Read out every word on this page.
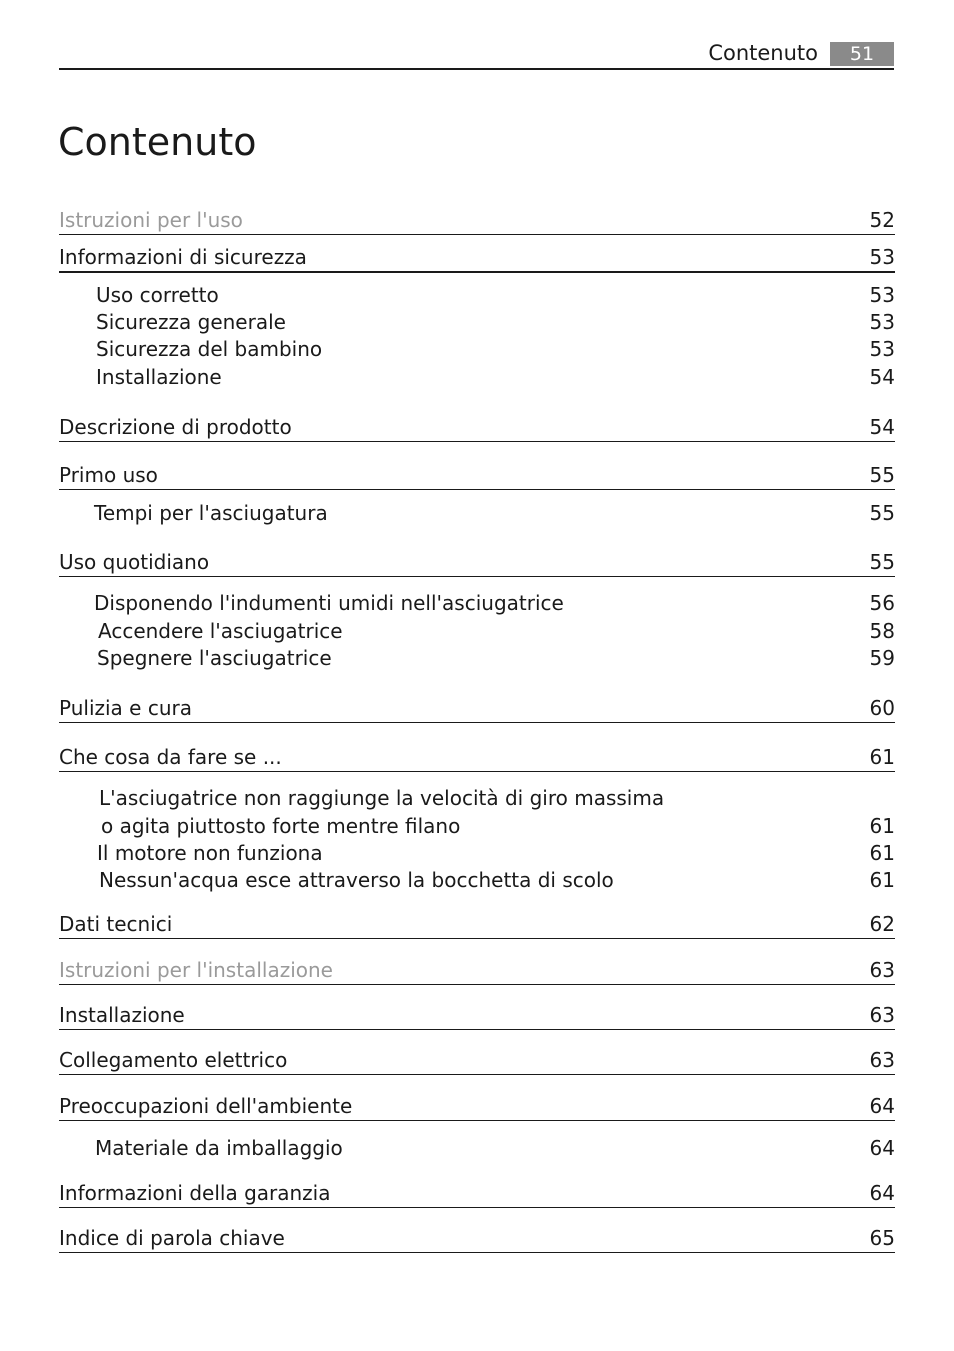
Contenuto	51
Contenuto
Istruzioni per l'uso	52
Informazioni di sicurezza	53
Uso corretto	53
Sicurezza generale	53
Sicurezza del bambino	53
Installazione	54
Descrizione di prodotto	54
Primo uso	55
Tempi per l'asciugatura	55
Uso quotidiano	55
Disponendo l'indumenti umidi nell'asciugatrice	56
Accendere l'asciugatrice	58
Spegnere l'asciugatrice	59
Pulizia e cura	60
Che cosa da fare se ...	61
L'asciugatrice non raggiunge la velocità di giro massima
o agita piuttosto forte mentre filano	61
Il motore non funziona	61
Nessun'acqua esce attraverso la bocchetta di scolo	61
Dati tecnici	62
Istruzioni per l'installazione	63
Installazione	63
Collegamento elettrico	63
Preoccupazioni dell'ambiente	64
Materiale da imballaggio	64
Informazioni della garanzia	64
Indice di parola chiave	65
